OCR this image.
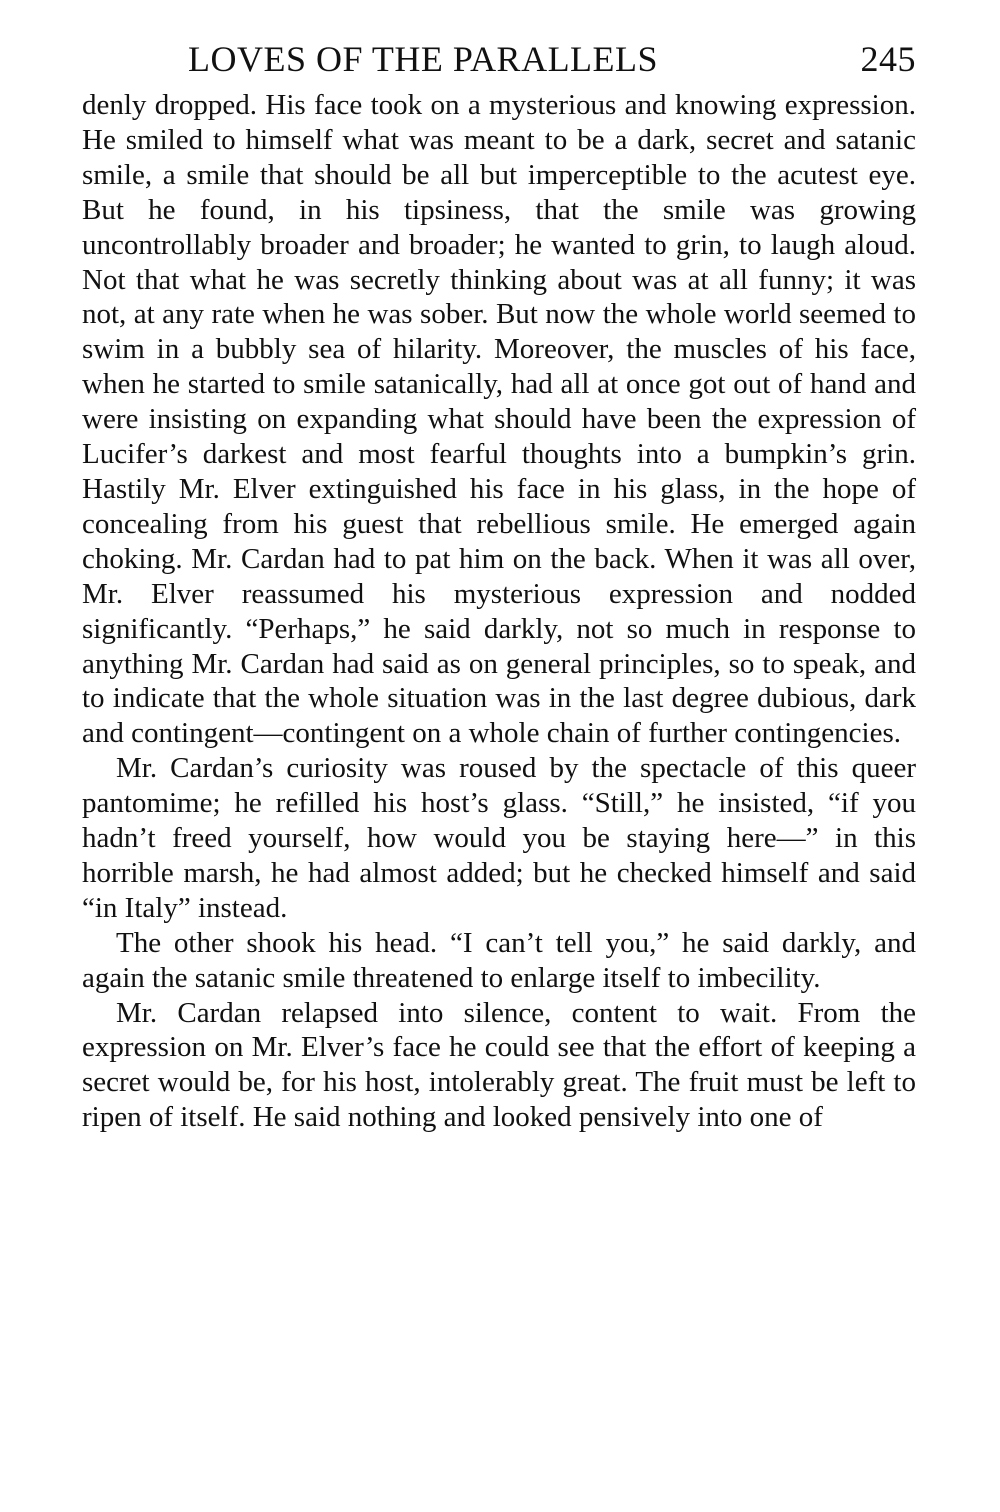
LOVES OF THE PARALLELS	245

denly dropped. His face took on a mysterious and knowing expression. He smiled to himself what was meant to be a dark, secret and satanic smile, a smile that should be all but imperceptible to the acutest eye. But he found, in his tipsiness, that the smile was growing uncontrollably broader and broader; he wanted to grin, to laugh aloud. Not that what he was secretly thinking about was at all funny; it was not, at any rate when he was sober. But now the whole world seemed to swim in a bubbly sea of hilarity. Moreover, the muscles of his face, when he started to smile satanically, had all at once got out of hand and were insisting on expanding what should have been the expression of Lucifer’s darkest and most fearful thoughts into a bumpkin’s grin. Hastily Mr. Elver extinguished his face in his glass, in the hope of concealing from his guest that rebellious smile. He emerged again choking. Mr. Cardan had to pat him on the back. When it was all over, Mr. Elver reassumed his mysterious expression and nodded significantly. “Perhaps,” he said darkly, not so much in response to anything Mr. Cardan had said as on general principles, so to speak, and to indicate that the whole situation was in the last degree dubious, dark and contingent—contingent on a whole chain of further contingencies.

Mr. Cardan’s curiosity was roused by the spectacle of this queer pantomime; he refilled his host’s glass. “Still,” he insisted, “if you hadn’t freed yourself, how would you be staying here—” in this horrible marsh, he had almost added; but he checked himself and said “in Italy” instead.

The other shook his head. “I can’t tell you,” he said darkly, and again the satanic smile threatened to enlarge itself to imbecility.

Mr. Cardan relapsed into silence, content to wait. From the expression on Mr. Elver’s face he could see that the effort of keeping a secret would be, for his host, intolerably great. The fruit must be left to ripen of itself. He said nothing and looked pensively into one of
